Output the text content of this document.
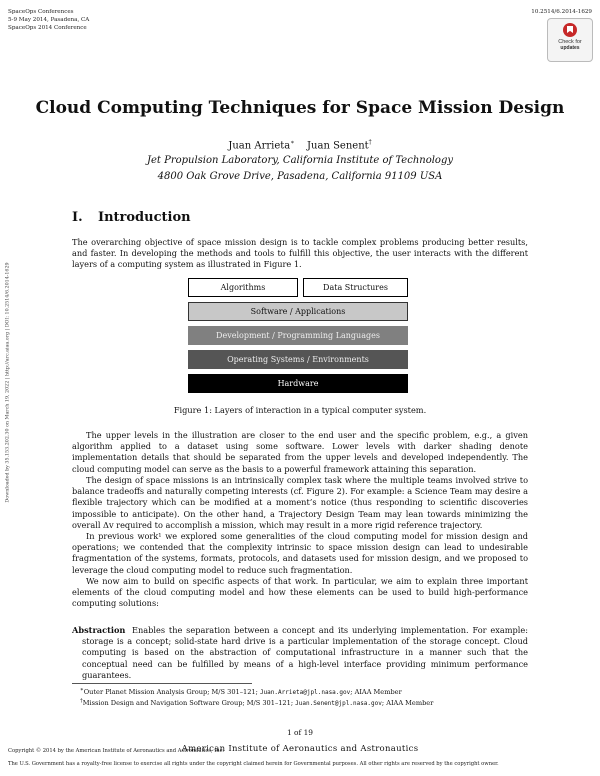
SpaceOps Conferences
5-9 May 2014, Pasadena, CA
SpaceOps 2014 Conference
10.2514/6.2014-1629
Check for
updates
Downloaded by 35.153.202.30 on March 19, 2022 | http://arc.aiaa.org | DOI: 10.2514/6.2014-1629
Cloud Computing Techniques for Space Mission Design
Juan Arrieta∗ Juan Senent†
Jet Propulsion Laboratory, California Institute of Technology
4800 Oak Grove Drive, Pasadena, California 91109 USA
I. Introduction

The overarching objective of space mission design is to tackle complex problems producing better results, and faster. In developing the methods and tools to fulfill this objective, the user interacts with the different layers of a computing system as illustrated in Figure 1.

Algorithms	Data Structures
Software / Applications
Development / Programming Languages
Operating Systems / Environments
Hardware
Figure 1: Layers of interaction in a typical computer system.

The upper levels in the illustration are closer to the end user and the specific problem, e.g., a given algorithm applied to a dataset using some software. Lower levels with darker shading denote implementation details that should be separated from the upper levels and developed independently. The cloud computing model can serve as the basis to a powerful framework attaining this separation.

The design of space missions is an intrinsically complex task where the multiple teams involved strive to balance tradeoffs and naturally competing interests (cf. Figure 2). For example: a Science Team may desire a flexible trajectory which can be modified at a moment’s notice (thus responding to scientific discoveries impossible to anticipate). On the other hand, a Trajectory Design Team may lean towards minimizing the overall Δv required to accomplish a mission, which may result in a more rigid reference trajectory.

In previous work¹ we explored some generalities of the cloud computing model for mission design and operations; we contended that the complexity intrinsic to space mission design can lead to undesirable fragmentation of the systems, formats, protocols, and datasets used for mission design, and we proposed to leverage the cloud computing model to reduce such fragmentation.

We now aim to build on specific aspects of that work. In particular, we aim to explain three important elements of the cloud computing model and how these elements can be used to build high-performance computing solutions:

Abstraction Enables the separation between a concept and its underlying implementation. For example: storage is a concept; solid-state hard drive is a particular implementation of the storage concept. Cloud computing is based on the abstraction of computational infrastructure in a manner such that the conceptual need can be fulfilled by means of a high-level interface providing minimum performance guarantees.

∗Outer Planet Mission Analysis Group; M/S 301–121; Juan.Arrieta@jpl.nasa.gov; AIAA Member
†Mission Design and Navigation Software Group; M/S 301–121; Juan.Senent@jpl.nasa.gov; AIAA Member
1 of 19
American Institute of Aeronautics and Astronautics
Copyright © 2014 by the American Institute of Aeronautics and Astronautics, Inc.
The U.S. Government has a royalty-free license to exercise all rights under the copyright claimed herein for Governmental purposes. All other rights are reserved by the copyright owner.
